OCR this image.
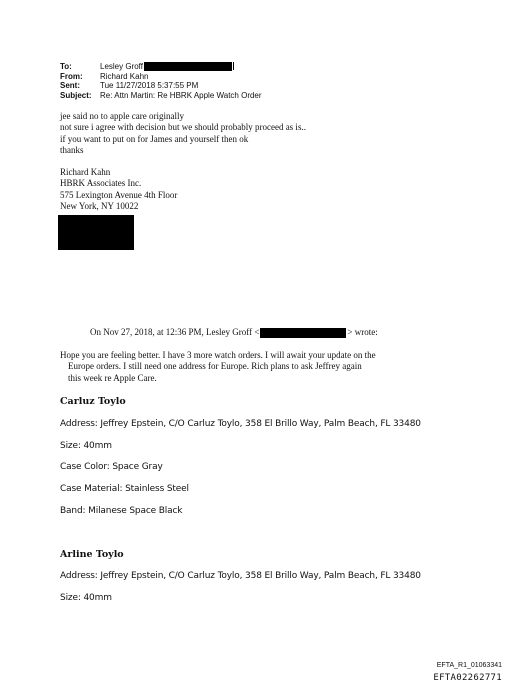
To:	Lesley Groff
From:	Richard Kahn
Sent:	Tue 11/27/2018 5:37:55 PM
Subject:	Re: Attn Martin: Re HBRK Apple Watch Order
jee said no to apple care originally
not sure i agree with decision but we should probably proceed as is..
if you want to put on for James and yourself then ok
thanks
Richard Kahn
HBRK Associates Inc.
575 Lexington Avenue 4th Floor
New York, NY 10022
On Nov 27, 2018, at 12:36 PM, Lesley Groff <	> wrote:
Hope you are feeling better. I have 3 more watch orders. I will await your update on the
Europe orders. I still need one address for Europe. Rich plans to ask Jeffrey again
this week re Apple Care.
Carluz Toylo
Address: Jeffrey Epstein, C/O Carluz Toylo, 358 El Brillo Way, Palm Beach, FL 33480
Size: 40mm
Case Color: Space Gray
Case Material: Stainless Steel
Band: Milanese Space Black
Arline Toylo
Address: Jeffrey Epstein, C/O Carluz Toylo, 358 El Brillo Way, Palm Beach, FL 33480
Size: 40mm
EFTA_R1_01063341
EFTA02262771
